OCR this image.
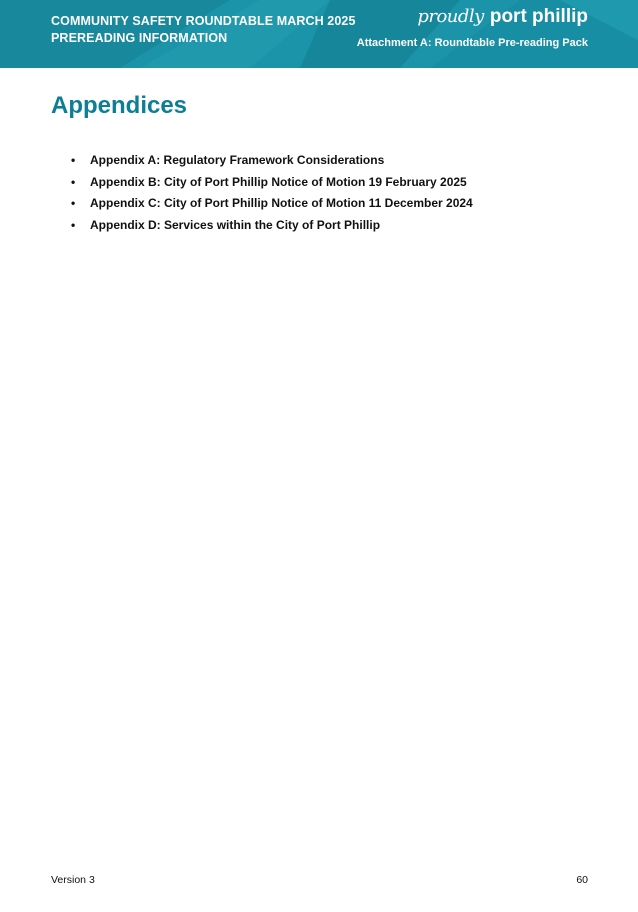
COMMUNITY SAFETY ROUNDTABLE MARCH 2025
PREREADING INFORMATION
proudly port phillip
Attachment A: Roundtable Pre-reading Pack
Appendices
• Appendix A: Regulatory Framework Considerations
• Appendix B: City of Port Phillip Notice of Motion 19 February 2025
• Appendix C: City of Port Phillip Notice of Motion 11 December 2024
• Appendix D: Services within the City of Port Phillip
Version 3	60
